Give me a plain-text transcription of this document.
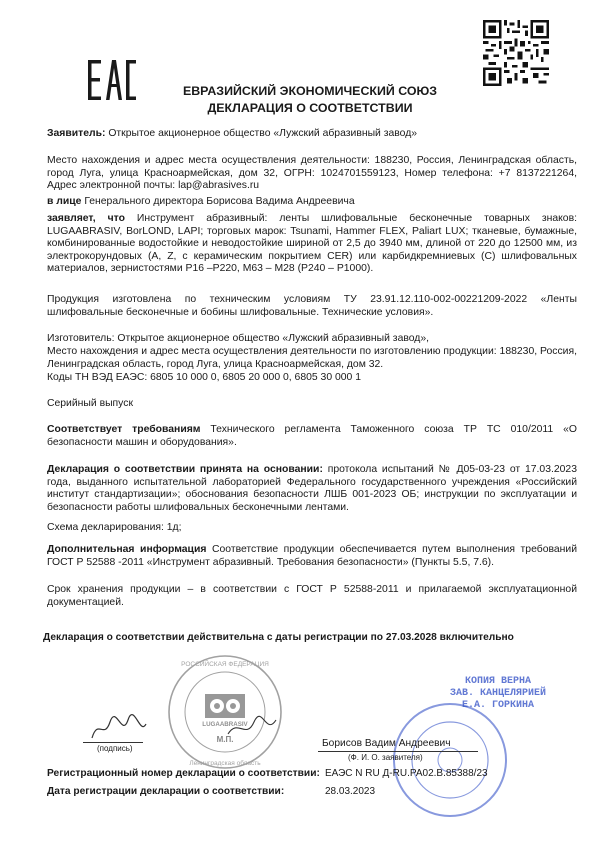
ЕВРАЗИЙСКИЙ ЭКОНОМИЧЕСКИЙ СОЮЗ
ДЕКЛАРАЦИЯ О СООТВЕТСТВИИ
Заявитель: Открытое акционерное общество «Лужский абразивный завод»
Место нахождения и адрес места осуществления деятельности: 188230, Россия, Ленинградская область, город Луга, улица Красноармейская, дом 32, ОГРН: 1024701559123, Номер телефона: +7 8137221264, Адрес электронной почты: lap@abrasives.ru
в лице Генерального директора Борисова Вадима Андреевича
заявляет, что Инструмент абразивный: ленты шлифовальные бесконечные товарных знаков: LUGAABRASIV, BorLOND, LAPI; торговых марок: Tsunami, Hammer FLEX, Paliart LUX; тканевые, бумажные, комбинированные водостойкие и неводостойкие шириной от 2,5 до 3940 мм, длиной от 220 до 12500 мм, из электрокорундовых (A, Z, с керамическим покрытием CER) или карбидкремниевых (C) шлифовальных материалов, зернистостями P16 –P220, M63 – M28 (P240 – P1000).
Продукция изготовлена по техническим условиям ТУ 23.91.12.110-002-00221209-2022 «Ленты шлифовальные бесконечные и бобины шлифовальные. Технические условия».
Изготовитель: Открытое акционерное общество «Лужский абразивный завод»,
Место нахождения и адрес места осуществления деятельности по изготовлению продукции: 188230, Россия, Ленинградская область, город Луга, улица Красноармейская, дом 32.
Коды ТН ВЭД ЕАЭС: 6805 10 000 0, 6805 20 000 0, 6805 30 000 1
Серийный выпуск
Соответствует требованиям Технического регламента Таможенного союза ТР ТС 010/2011 «О безопасности машин и оборудования».
Декларация о соответствии принята на основании: протокола испытаний № Д05-03-23 от 17.03.2023 года, выданного испытательной лабораторией Федерального государственного учреждения «Российский институт стандартизации»; обоснования безопасности ЛШБ 001-2023 ОБ; инструкции по эксплуатации и безопасности работы шлифовальных бесконечными лентами.
Схема декларирования: 1д;
Дополнительная информация Соответствие продукции обеспечивается путем выполнения требований ГОСТ Р 52588 -2011 «Инструмент абразивный. Требования безопасности» (Пункты 5.5, 7.6).
Срок хранения продукции – в соответствии с ГОСТ Р 52588-2011 и прилагаемой эксплуатационной документацией.
Декларация о соответствии действительна с даты регистрации по 27.03.2028 включительно
РОССИЙСКАЯ ФЕДЕРАЦИЯ
Ленинградская область
LUGAABRASIV
М.П.
КОПИЯ ВЕРНА
ЗАВ. КАНЦЕЛЯРИЕЙ
Е.А. ГОРКИНА
(подпись)	Борисов Вадим Андреевич
(Ф. И. О. заявителя)
Регистрационный номер декларации о соответствии: ЕАЭС N RU Д-RU.РА02.В.85388/23
Дата регистрации декларации о соответствии:	28.03.2023
